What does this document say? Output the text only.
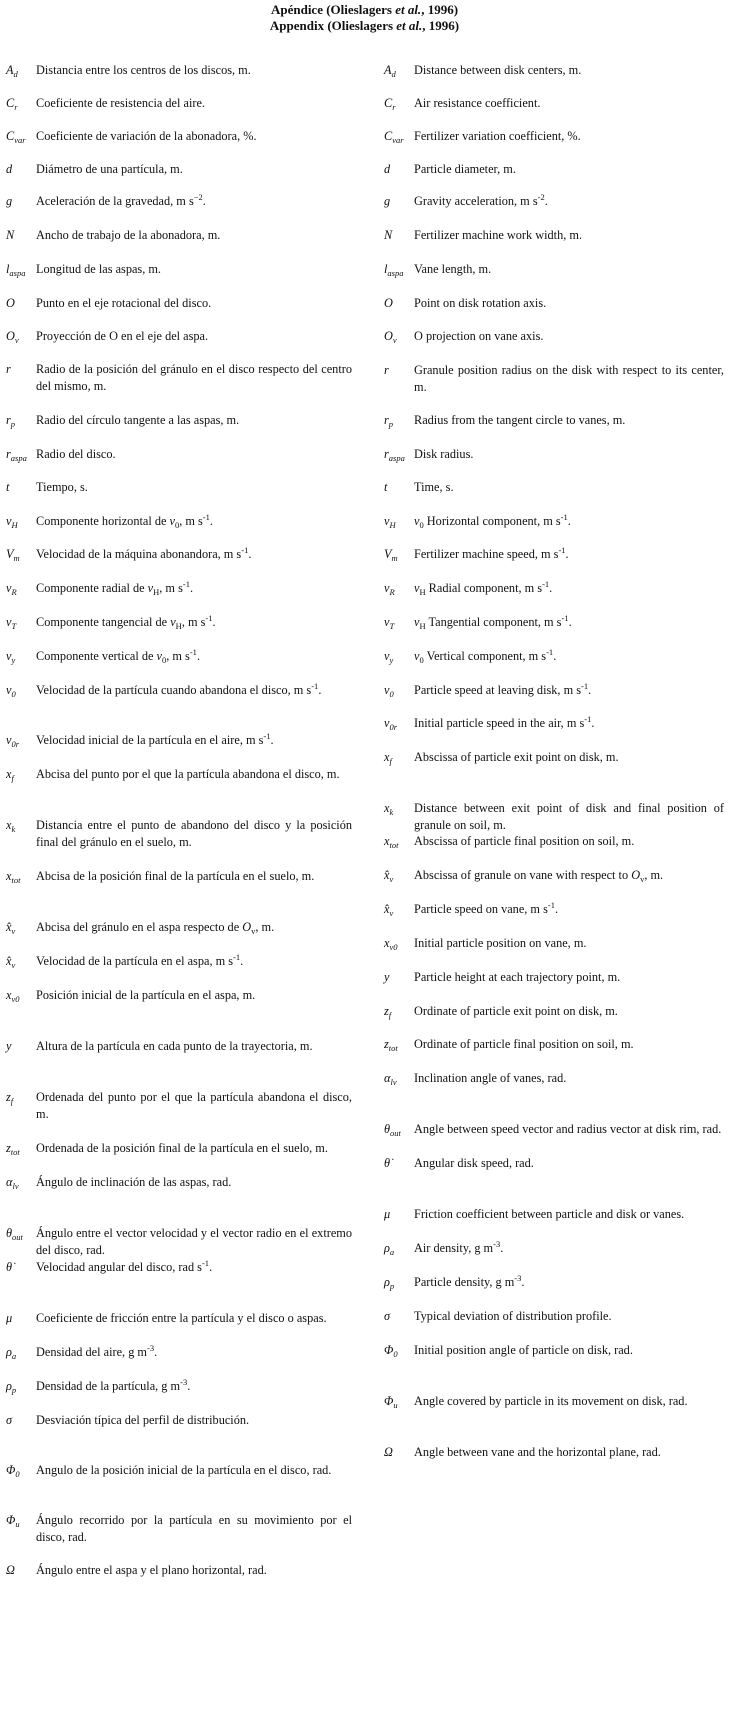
Apéndice (Olieslagers et al., 1996)
Appendix (Olieslagers et al., 1996)
$A_d$ Distancia entre los centros de los discos, m.
$C_r$ Coeficiente de resistencia del aire.
$C_{var}$ Coeficiente de variación de la abonadora, %.
d Diámetro de una partícula, m.
g Aceleración de la gravedad, m $s^{-2}$.
N Ancho de trabajo de la abonadora, m.
$l_{aspa}$ Longitud de las aspas, m.
O Punto en el eje rotacional del disco.
$O_v$ Proyección de O en el eje del aspa.
r Radio de la posición del gránulo en el disco respecto del centro del mismo, m.
$r_p$ Radio del círculo tangente a las aspas, m.
$r_{aspa}$ Radio del disco.
t Tiempo, s.
$v_H$ Componente horizontal de $v_0$, m $s^{-1}$.
$V_m$ Velocidad de la máquina abonandora, m $s^{-1}$.
$v_R$ Componente radial de $v_H$, m $s^{-1}$.
$v_T$ Componente tangencial de $v_H$, m $s^{-1}$.
$v_y$ Componente vertical de $v_0$, m $s^{-1}$.
$v_0$ Velocidad de la partícula cuando abandona el disco, m $s^{-1}$.
$v_{0r}$ Velocidad inicial de la partícula en el aire, m $s^{-1}$.
$x_f$ Abcisa del punto por el que la partícula abandona el disco, m.
$x_k$ Distancia entre el punto de abandono del disco y la posición final del gránulo en el suelo, m.
$x_{tot}$ Abcisa de la posición final de la partícula en el suelo, m.
$x̂_v$ Abcisa del gránulo en el aspa respecto de $O_v$, m.
$x̂_v$ Velocidad de la partícula en el aspa, m $s^{-1}$.
$x_{v0}$ Posición inicial de la partícula en el aspa, m.
y Altura de la partícula en cada punto de la trayectoria, m.
$z_f$ Ordenada del punto por el que la partícula abandona el disco, m.
$z_{tot}$ Ordenada de la posición final de la partícula en el suelo, m.
$\alpha_{lv}$ Ángulo de inclinación de las aspas, rad.
$\theta_{out}$ Ángulo entre el vector velocidad y el vector radio en el extremo del disco, rad.
θ̇ Velocidad angular del disco, rad $s^{-1}$.
μ Coeficiente de fricción entre la partícula y el disco o aspas.
$\rho_a$ Densidad del aire, g $m^{-3}$.
$\rho_p$ Densidad de la partícula, g $m^{-3}$.
σ Desviación típica del perfil de distribución.
$\Phi_0$ Angulo de la posición inicial de la partícula en el disco, rad.
$\Phi_u$ Ángulo recorrido por la partícula en su movimiento por el disco, rad.
Ω Ángulo entre el aspa y el plano horizontal, rad.
$A_d$ Distance between disk centers, m.
$C_r$ Air resistance coefficient.
$C_{var}$ Fertilizer variation coefficient, %.
d Particle diameter, m.
g Gravity acceleration, m $s^{-2}$.
N Fertilizer machine work width, m.
$l_{aspa}$ Vane length, m.
O Point on disk rotation axis.
$O_v$ O projection on vane axis.
r Granule position radius on the disk with respect to its center, m.
$r_p$ Radius from the tangent circle to vanes, m.
$r_{aspa}$ Disk radius.
t Time, s.
$v_H$ $v_0$ Horizontal component, m $s^{-1}$.
$V_m$ Fertilizer machine speed, m $s^{-1}$.
$v_R$ $v_H$ Radial component, m $s^{-1}$.
$v_T$ $v_H$ Tangential component, m $s^{-1}$.
$v_y$ $v_0$ Vertical component, m $s^{-1}$.
$v_0$ Particle speed at leaving disk, m $s^{-1}$.
$v_{0r}$ Initial particle speed in the air, m $s^{-1}$.
$x_f$ Abscissa of particle exit point on disk, m.
$x_k$ Distance between exit point of disk and final position of granule on soil, m.
$x_{tot}$ Abscissa of particle final position on soil, m.
$x̂_v$ Abscissa of granule on vane with respect to $O_v$, m.
$x̂_v$ Particle speed on vane, m $s^{-1}$.
$x_{v0}$ Initial particle position on vane, m.
y Particle height at each trajectory point, m.
$z_f$ Ordinate of particle exit point on disk, m.
$z_{tot}$ Ordinate of particle final position on soil, m.
$\alpha_{lv}$ Inclination angle of vanes, rad.
$\theta_{out}$ Angle between speed vector and radius vector at disk rim, rad.
θ̇ Angular disk speed, rad.
μ Friction coefficient between particle and disk or vanes.
$\rho_a$ Air density, g $m^{-3}$.
$\rho_p$ Particle density, g $m^{-3}$.
σ Typical deviation of distribution profile.
$\Phi_0$ Initial position angle of particle on disk, rad.
$\Phi_u$ Angle covered by particle in its movement on disk, rad.
Ω Angle between vane and the horizontal plane, rad.
